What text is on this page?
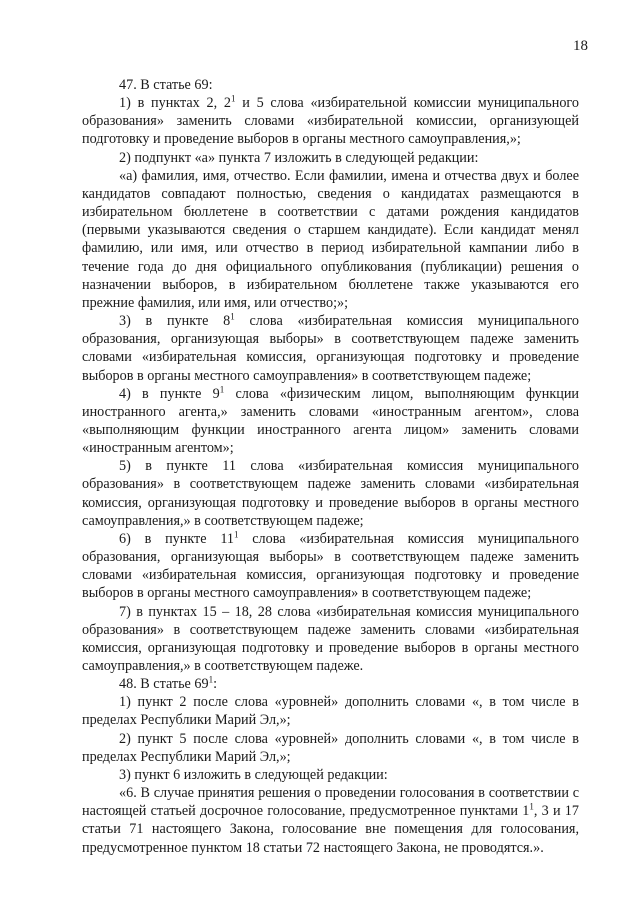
18

47. В статье 69:

1) в пунктах 2, $2^1$ и 5 слова «избирательной комиссии муниципального образования» заменить словами «избирательной комиссии, организующей подготовку и проведение выборов в органы местного самоуправления,»;

2) подпункт «а» пункта 7 изложить в следующей редакции:

«а) фамилия, имя, отчество. Если фамилии, имена и отчества двух и более кандидатов совпадают полностью, сведения о кандидатах размещаются в избирательном бюллетене в соответствии с датами рождения кандидатов (первыми указываются сведения о старшем кандидате). Если кандидат менял фамилию, или имя, или отчество в период избирательной кампании либо в течение года до дня официального опубликования (публикации) решения о назначении выборов, в избирательном бюллетене также указываются его прежние фамилия, или имя, или отчество;»;

3) в пункте $8^1$ слова «избирательная комиссия муниципального образования, организующая выборы» в соответствующем падеже заменить словами «избирательная комиссия, организующая подготовку и проведение выборов в органы местного самоуправления» в соответствующем падеже;

4) в пункте $9^1$ слова «физическим лицом, выполняющим функции иностранного агента,» заменить словами «иностранным агентом», слова «выполняющим функции иностранного агента лицом» заменить словами «иностранным агентом»;

5) в пункте 11 слова «избирательная комиссия муниципального образования» в соответствующем падеже заменить словами «избирательная комиссия, организующая подготовку и проведение выборов в органы местного самоуправления,» в соответствующем падеже;

6) в пункте $11^1$ слова «избирательная комиссия муниципального образования, организующая выборы» в соответствующем падеже заменить словами «избирательная комиссия, организующая подготовку и проведение выборов в органы местного самоуправления» в соответствующем падеже;

7) в пунктах 15 – 18, 28 слова «избирательная комиссия муниципального образования» в соответствующем падеже заменить словами «избирательная комиссия, организующая подготовку и проведение выборов в органы местного самоуправления,» в соответствующем падеже.

48. В статье $69^1$:

1) пункт 2 после слова «уровней» дополнить словами «, в том числе в пределах Республики Марий Эл,»;

2) пункт 5 после слова «уровней» дополнить словами «, в том числе в пределах Республики Марий Эл,»;

3) пункт 6 изложить в следующей редакции:

«6. В случае принятия решения о проведении голосования в соответствии с настоящей статьей досрочное голосование, предусмотренное пунктами $1^1$, 3 и 17 статьи 71 настоящего Закона, голосование вне помещения для голосования, предусмотренное пунктом 18 статьи 72 настоящего Закона, не проводятся.».
